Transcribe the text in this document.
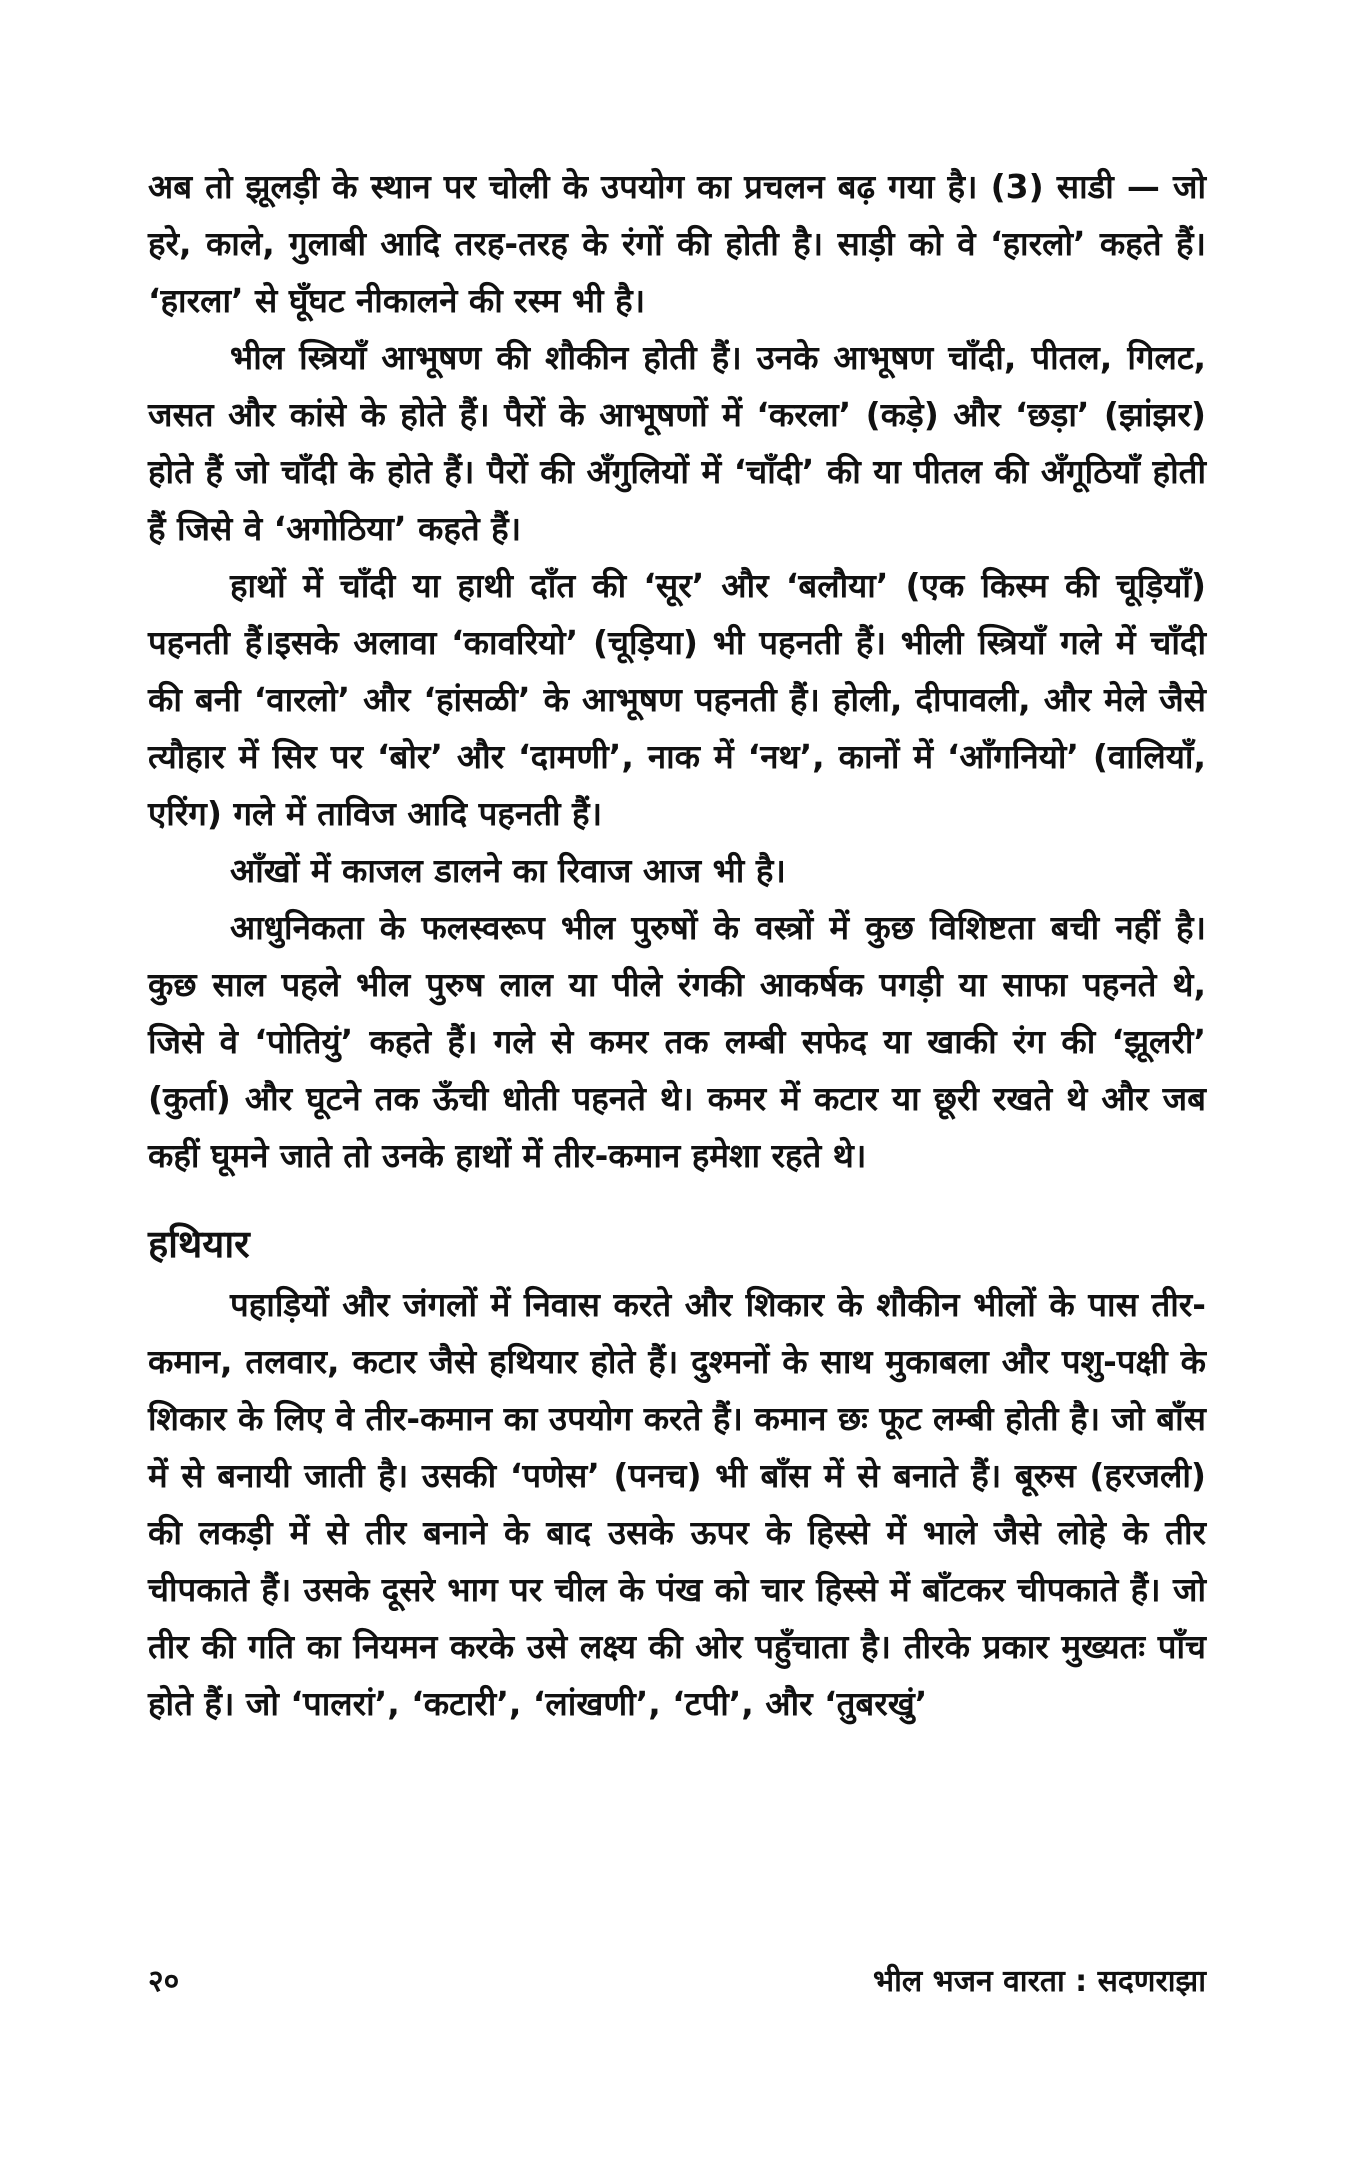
अब तो झूलड़ी के स्थान पर चोली के उपयोग का प्रचलन बढ़ गया है। (3) साडी — जो हरे, काले, गुलाबी आदि तरह-तरह के रंगों की होती है। साड़ी को वे ‘हारलो’ कहते हैं। ‘हारला’ से घूँघट नीकालने की रस्म भी है।

भील स्त्रियाँ आभूषण की शौकीन होती हैं। उनके आभूषण चाँदी, पीतल, गिलट, जसत और कांसे के होते हैं। पैरों के आभूषणों में ‘करला’ (कड़े) और ‘छड़ा’ (झांझर) होते हैं जो चाँदी के होते हैं। पैरों की अँगुलियों में ‘चाँदी’ की या पीतल की अँगूठियाँ होती हैं जिसे वे ‘अगोठिया’ कहते हैं।

हाथों में चाँदी या हाथी दाँत की ‘सूर’ और ‘बलौया’ (एक किस्म की चूड़ियाँ) पहनती हैं।इसके अलावा ‘कावरियो’ (चूड़िया) भी पहनती हैं। भीली स्त्रियाँ गले में चाँदी की बनी ‘वारलो’ और ‘हांसळी’ के आभूषण पहनती हैं। होली, दीपावली, और मेले जैसे त्यौहार में सिर पर ‘बोर’ और ‘दामणी’, नाक में ‘नथ’, कानों में ‘आँगनियो’ (वालियाँ, एरिंग) गले में ताविज आदि पहनती हैं।

आँखों में काजल डालने का रिवाज आज भी है।

आधुनिकता के फलस्वरूप भील पुरुषों के वस्त्रों में कुछ विशिष्टता बची नहीं है। कुछ साल पहले भील पुरुष लाल या पीले रंगकी आकर्षक पगड़ी या साफा पहनते थे, जिसे वे ‘पोतियुं’ कहते हैं। गले से कमर तक लम्बी सफेद या खाकी रंग की ‘झूलरी’ (कुर्ता) और घूटने तक ऊँची धोती पहनते थे। कमर में कटार या छूरी रखते थे और जब कहीं घूमने जाते तो उनके हाथों में तीर-कमान हमेशा रहते थे।

हथियार

पहाड़ियों और जंगलों में निवास करते और शिकार के शौकीन भीलों के पास तीर-कमान, तलवार, कटार जैसे हथियार होते हैं। दुश्मनों के साथ मुकाबला और पशु-पक्षी के शिकार के लिए वे तीर-कमान का उपयोग करते हैं। कमान छः फूट लम्बी होती है। जो बाँस में से बनायी जाती है। उसकी ‘पणेस’ (पनच) भी बाँस में से बनाते हैं। बूरुस (हरजली) की लकड़ी में से तीर बनाने के बाद उसके ऊपर के हिस्से में भाले जैसे लोहे के तीर चीपकाते हैं। उसके दूसरे भाग पर चील के पंख को चार हिस्से में बाँटकर चीपकाते हैं। जो तीर की गति का नियमन करके उसे लक्ष्य की ओर पहुँचाता है। तीरके प्रकार मुख्यतः पाँच होते हैं। जो ‘पालरां’, ‘कटारी’, ‘लांखणी’, ‘टपी’, और ‘तुबरखुं’

२०	भील भजन वारता : सदणराझा
